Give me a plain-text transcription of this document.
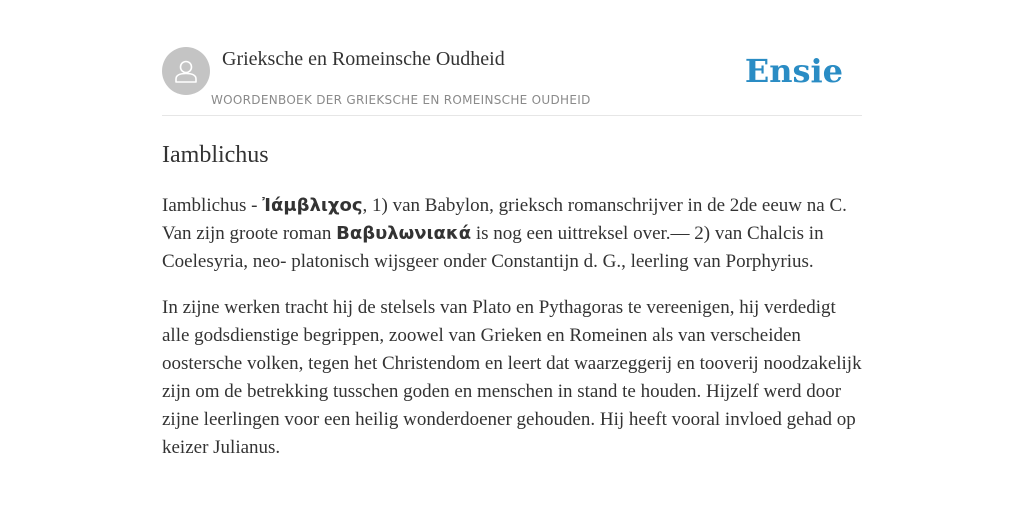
Grieksche en Romeinsche Oudheid
WOORDENBOEK DER GRIEKSCHE EN ROMEINSCHE OUDHEID
Ensie
Iamblichus

Iamblichus - Ἰάμβλιχος, 1) van Babylon, grieksch romanschrijver in de 2de eeuw na C. Van zijn groote roman Βαβυλωνιακά is nog een uittreksel over.— 2) van Chalcis in Coelesyria, neo- platonisch wijsgeer onder Constantijn d. G., leerling van Porphyrius.

In zijne werken tracht hij de stelsels van Plato en Pythagoras te vereenigen, hij verdedigt alle godsdienstige begrippen, zoowel van Grieken en Romeinen als van verscheiden oostersche volken, tegen het Christendom en leert dat waarzeggerij en tooverij noodzakelijk zijn om de betrekking tusschen goden en menschen in stand te houden. Hijzelf werd door zijne leerlingen voor een heilig wonderdoener gehouden. Hij heeft vooral invloed gehad op keizer Julianus.
